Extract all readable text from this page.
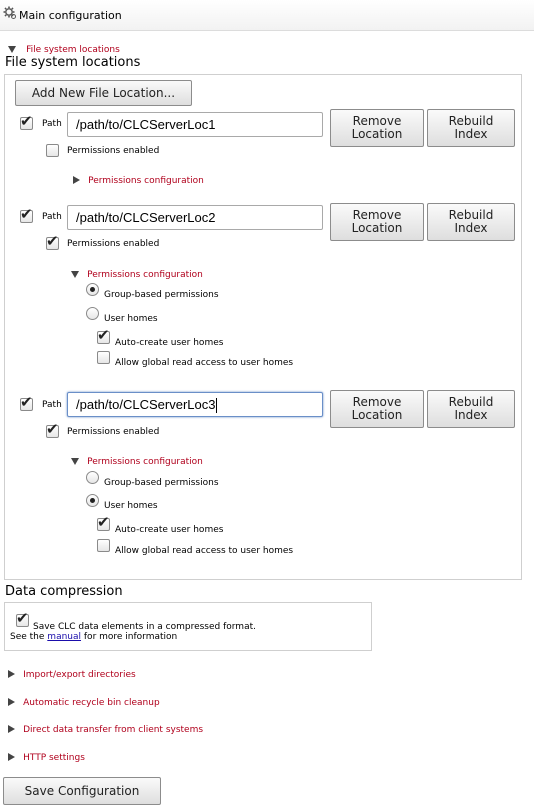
Main configuration
File system locations
File system locations
Add New File Location...
✔ Path	/path/to/CLCServerLoc1	Remove Location
Rebuild Index
Permissions enabled
Permissions configuration
✔ Path	/path/to/CLCServerLoc2	Remove Location
Rebuild Index
✔ Permissions enabled
Permissions configuration
Group-based permissions
User homes
✔ Auto-create user homes
Allow global read access to user homes
✔ Path	/path/to/CLCServerLoc3	Remove Location
Rebuild Index
✔ Permissions enabled
Permissions configuration
Group-based permissions
User homes
✔ Auto-create user homes
Allow global read access to user homes
Data compression
✔ Save CLC data elements in a compressed format.
See the manual for more information
Import/export directories
Automatic recycle bin cleanup
Direct data transfer from client systems
HTTP settings
Save Configuration
